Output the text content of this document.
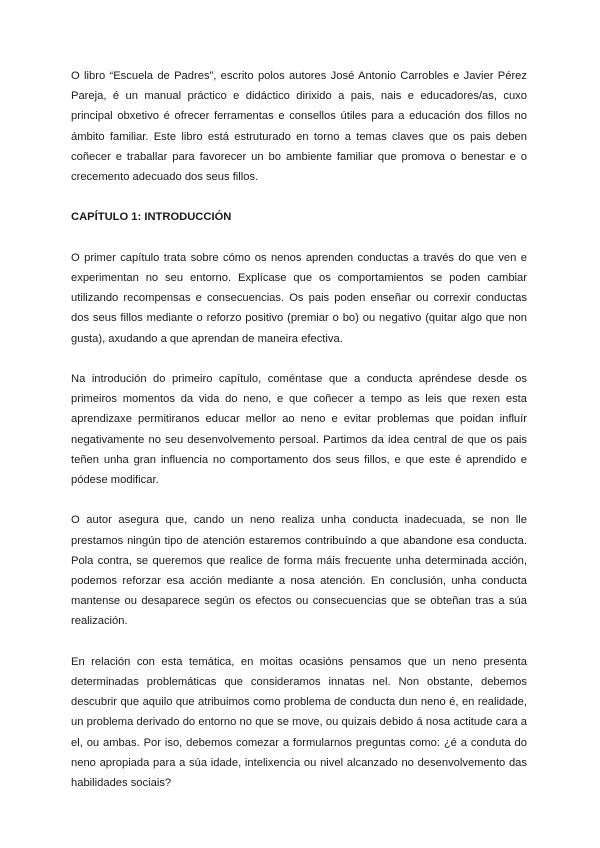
O libro “Escuela de Padres”, escrito polos autores José Antonio Carrobles e Javier Pérez Pareja, é un manual práctico e didáctico dirixido a pais, nais e educadores/as, cuxo principal obxetivo é ofrecer ferramentas e consellos útiles para a educación dos fillos no ámbito familiar. Este libro está estruturado en torno a temas claves que os pais deben coñecer e traballar para favorecer un bo ambiente familiar que promova o benestar e o crecemento adecuado dos seus fillos.

CAPÍTULO 1: INTRODUCCIÓN

O primer capítulo trata sobre cómo os nenos aprenden conductas a través do que ven e experimentan no seu entorno. Explícase que os comportamientos se poden cambiar utilizando recompensas e consecuencias. Os pais poden enseñar ou correxir conductas dos seus fillos mediante o reforzo positivo (premiar o bo) ou negativo (quitar algo que non gusta), axudando a que aprendan de maneira efectiva.

Na introdución do primeiro capítulo, coméntase que a conducta apréndese desde os primeiros momentos da vida do neno, e que coñecer a tempo as leis que rexen esta aprendizaxe permitiranos educar mellor ao neno e evitar problemas que poidan influír negativamente no seu desenvolvemento persoal. Partimos da idea central de que os pais teñen unha gran influencia no comportamento dos seus fillos, e que este é aprendido e pódese modificar.

O autor asegura que, cando un neno realiza unha conducta inadecuada, se non lle prestamos ningún tipo de atención estaremos contribuíndo a que abandone esa conducta. Pola contra, se queremos que realice de forma máis frecuente unha determinada acción, podemos reforzar esa acción mediante a nosa atención. En conclusión, unha conducta mantense ou desaparece según os efectos ou consecuencias que se obteñan tras a súa realización.

En relación con esta temática, en moitas ocasións pensamos que un neno presenta determinadas problemáticas que consideramos innatas nel. Non obstante, debemos descubrir que aquilo que atribuimos como problema de conducta dun neno é, en realidade, un problema derivado do entorno no que se move, ou quizais debido á nosa actitude cara a el, ou ambas. Por iso, debemos comezar a formularnos preguntas como: ¿é a conduta do neno apropiada para a súa idade, intelixencia ou nivel alcanzado no desenvolvemento das habilidades sociais?
